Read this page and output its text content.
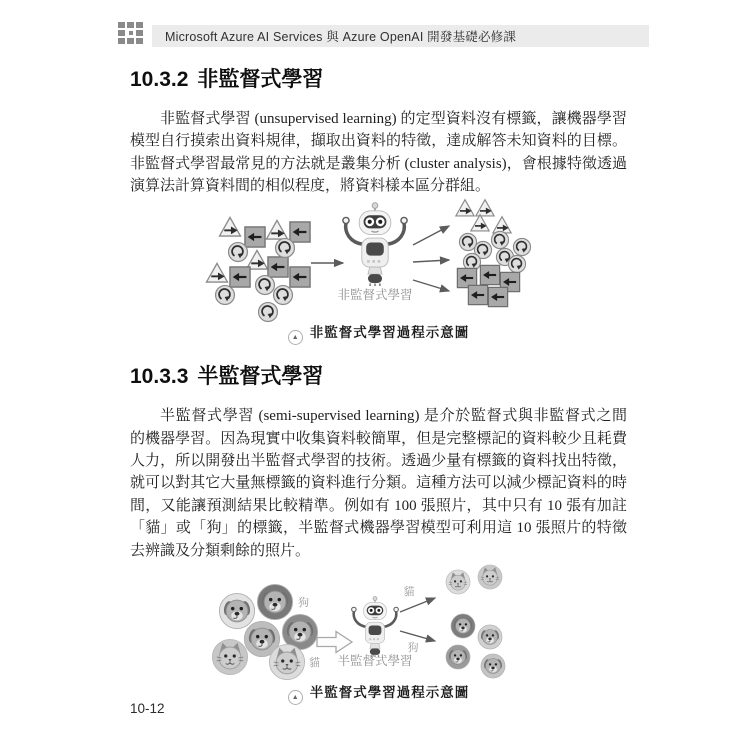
Microsoft Azure AI Services 與 Azure OpenAI 開發基礎必修課
10.3.2 非監督式學習

非監督式學習 (unsupervised learning) 的定型資料沒有標籤，讓機器學習模型自行摸索出資料規律，擷取出資料的特徵，達成解答未知資料的目標。非監督式學習最常見的方法就是叢集分析 (cluster analysis)，會根據特徵透過演算法計算資料間的相似程度，將資料樣本區分群組。

非監督式學習
▲ 非監督式學習過程示意圖
10.3.3 半監督式學習

半監督式學習 (semi-supervised learning) 是介於監督式與非監督式之間的機器學習。因為現實中收集資料較簡單，但是完整標記的資料較少且耗費人力，所以開發出半監督式學習的技術。透過少量有標籤的資料找出特徵，就可以對其它大量無標籤的資料進行分類。這種方法可以減少標記資料的時間，又能讓預測結果比較精準。例如有 100 張照片，其中只有 10 張有加註「貓」或「狗」的標籤，半監督式機器學習模型可利用這 10 張照片的特徵去辨識及分類剩餘的照片。

狗
貓 半監督式學習
貓
狗
▲ 半監督式學習過程示意圖
10-12
